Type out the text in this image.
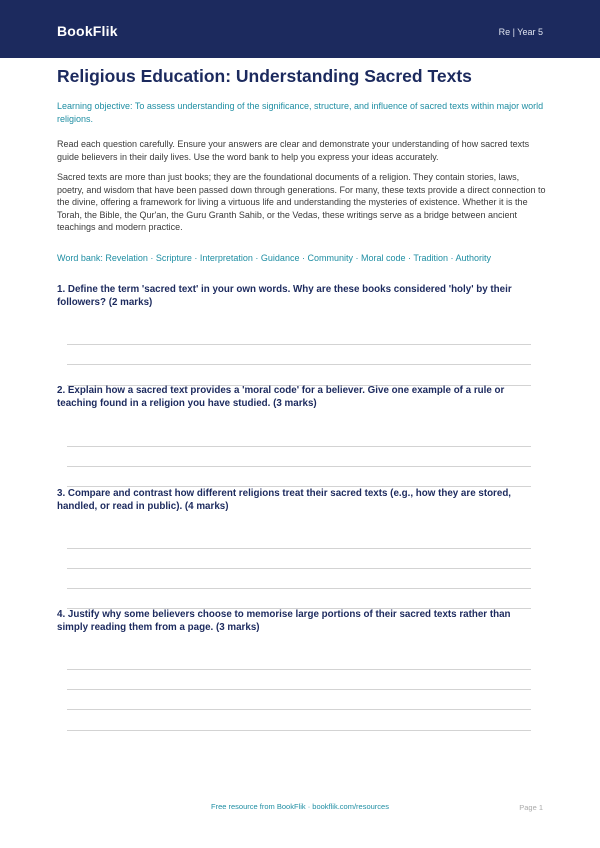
BookFlik	Re | Year 5
Religious Education: Understanding Sacred Texts
Learning objective: To assess understanding of the significance, structure, and influence of sacred texts within major world religions.
Read each question carefully. Ensure your answers are clear and demonstrate your understanding of how sacred texts guide believers in their daily lives. Use the word bank to help you express your ideas accurately.
Sacred texts are more than just books; they are the foundational documents of a religion. They contain stories, laws, poetry, and wisdom that have been passed down through generations. For many, these texts provide a direct connection to the divine, offering a framework for living a virtuous life and understanding the mysteries of existence. Whether it is the Torah, the Bible, the Qur'an, the Guru Granth Sahib, or the Vedas, these writings serve as a bridge between ancient teachings and modern practice.
Word bank: Revelation · Scripture · Interpretation · Guidance · Community · Moral code · Tradition · Authority
1. Define the term 'sacred text' in your own words. Why are these books considered 'holy' by their followers? (2 marks)
2. Explain how a sacred text provides a 'moral code' for a believer. Give one example of a rule or teaching found in a religion you have studied. (3 marks)
3. Compare and contrast how different religions treat their sacred texts (e.g., how they are stored, handled, or read in public). (4 marks)
4. Justify why some believers choose to memorise large portions of their sacred texts rather than simply reading them from a page. (3 marks)
Free resource from BookFlik · bookflik.com/resources	Page 1
